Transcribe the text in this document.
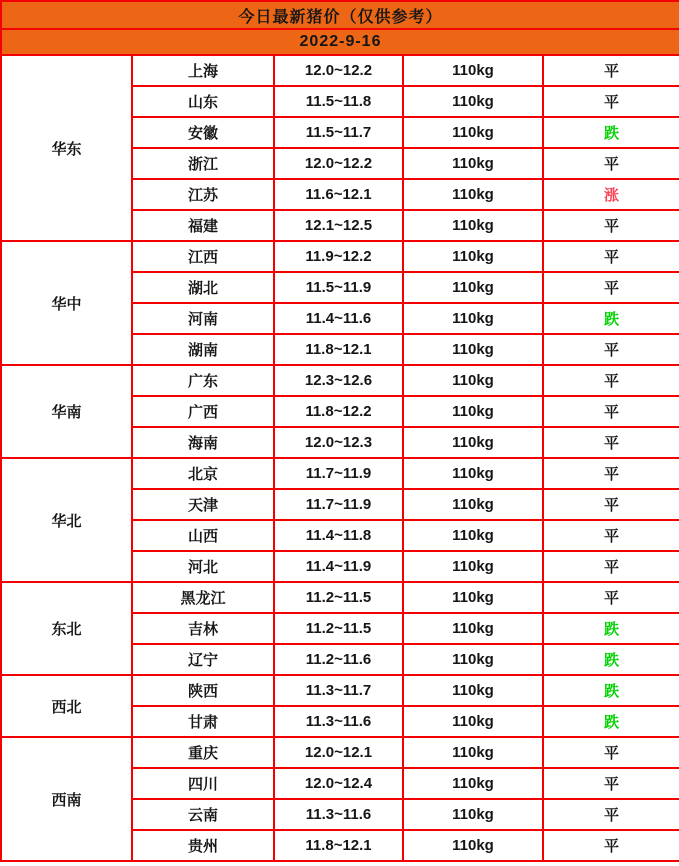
今日最新猪价（仅供参考）				
2022-9-16				
华东	上海	12.0~12.2	110kg	平
	山东	11.5~11.8	110kg	平
	安徽	11.5~11.7	110kg	跌
	浙江	12.0~12.2	110kg	平
	江苏	11.6~12.1	110kg	涨
	福建	12.1~12.5	110kg	平
华中	江西	11.9~12.2	110kg	平
	湖北	11.5~11.9	110kg	平
	河南	11.4~11.6	110kg	跌
	湖南	11.8~12.1	110kg	平
华南	广东	12.3~12.6	110kg	平
	广西	11.8~12.2	110kg	平
	海南	12.0~12.3	110kg	平
华北	北京	11.7~11.9	110kg	平
	天津	11.7~11.9	110kg	平
	山西	11.4~11.8	110kg	平
	河北	11.4~11.9	110kg	平
东北	黑龙江	11.2~11.5	110kg	平
	吉林	11.2~11.5	110kg	跌
	辽宁	11.2~11.6	110kg	跌
西北	陕西	11.3~11.7	110kg	跌
	甘肃	11.3~11.6	110kg	跌
西南	重庆	12.0~12.1	110kg	平
	四川	12.0~12.4	110kg	平
	云南	11.3~11.6	110kg	平
	贵州	11.8~12.1	110kg	平
